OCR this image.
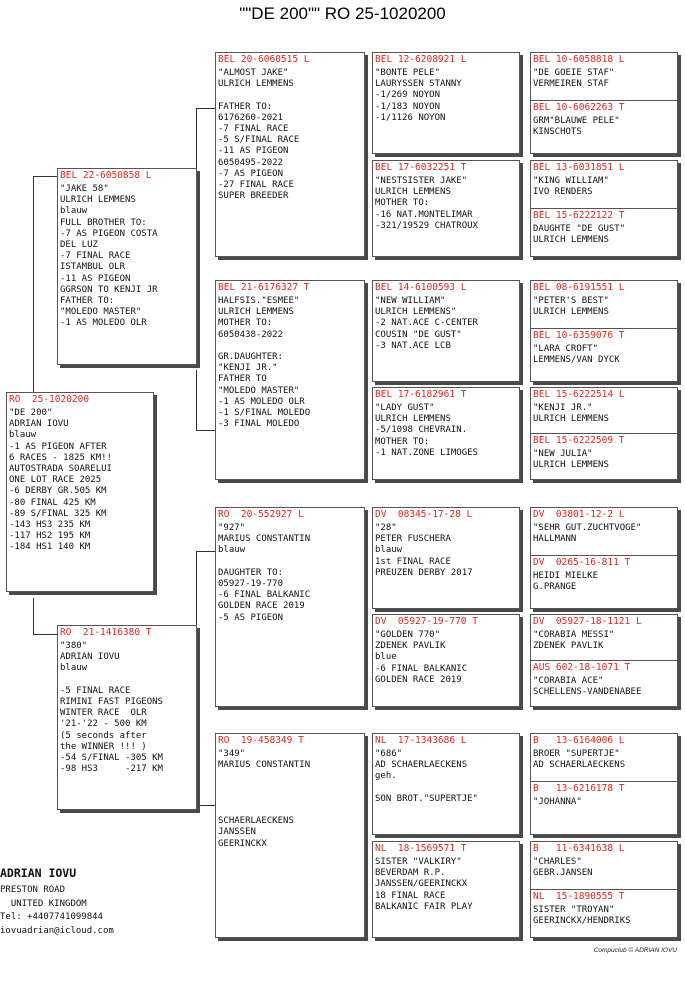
""DE 200"" RO 25-1020200
RO  25-1020200
"DE 200"
ADRIAN IOVU
blauw
-1 AS PIGEON AFTER
6 RACES - 1825 KM!!
AUTOSTRADA SOARELUI
ONE LOT RACE 2025
-6 DERBY GR.505 KM
-80 FINAL 425 KM
-89 S/FINAL 325 KM
-143 HS3 235 KM
-117 HS2 195 KM
-184 HS1 140 KM
BEL 22-6050858 L
"JAKE 58"
ULRICH LEMMENS
blauw
FULL BROTHER TO:
-7 AS PIGEON COSTA
DEL LUZ
-7 FINAL RACE
ISTAMBUL OLR
-11 AS PIGEON
GGRSON TO KENJI JR
FATHER TO:
"MOLEDO MASTER"
-1 AS MOLEDO OLR
RO  21-1416380 T
"380"
ADRIAN IOVU
blauw

-5 FINAL RACE
RIMINI FAST PIGEONS
WINTER RACE  OLR
'21-'22 - 500 KM
(5 seconds after
the WINNER !!! )
-54 S/FINAL -305 KM
-98 HS3     -217 KM
BEL 20-6060515 L
"ALMOST JAKE"
ULRICH LEMMENS

FATHER TO:
6176260-2021
-7 FINAL RACE
-5 S/FINAL RACE
-11 AS PIGEON
6050495-2022
-7 AS PIGEON
-27 FINAL RACE
SUPER BREEDER
BEL 21-6176327 T
HALFSIS."ESMEE"
ULRICH LEMMENS
MOTHER TO:
6050438-2022

GR.DAUGHTER:
"KENJI JR."
FATHER TO
"MOLEDO MASTER"
-1 AS MOLEDO OLR
-1 S/FINAL MOLEDO
-3 FINAL MOLEDO
RO  20-552927 L
"927"
MARIUS CONSTANTIN
blauw

DAUGHTER TO:
05927-19-770
-6 FINAL BALKANIC
GOLDEN RACE 2019
-5 AS PIGEON
RO  19-458349 T
"349"
MARIUS CONSTANTIN

SCHAERLAECKENS
JANSSEN
GEERINCKX
BEL 12-6208921 L
"BONTE PELE"
LAURYSSEN STANNY
-1/269 NOYON
-1/183 NOYON
-1/1126 NOYON
BEL 17-6032251 T
"NESTSISTER JAKE"
ULRICH LEMMENS
MOTHER TO:
-16 NAT.MONTELIMAR
-321/19529 CHATROUX
BEL 14-6100593 L
"NEW WILLIAM"
ULRICH LEMMENS"
-2 NAT.ACE C-CENTER
COUSIN "DE GUST"
-3 NAT.ACE LCB
BEL 17-6182961 T
"LADY GUST"
ULRICH LEMMENS
-5/1098 CHEVRAIN.
MOTHER TO:
-1 NAT.ZONE LIMOGES
DV  08345-17-28 L
"28"
PETER FUSCHERA
blauw
1st FINAL RACE
PREUZEN DERBY 2017
DV  05927-19-770 T
"GOLDEN 770"
ZDENEK PAVLIK
blue
-6 FINAL BALKANIC
GOLDEN RACE 2019
NL  17-1343686 L
"686"
AD SCHAERLAECKENS
geh.

SON BROT."SUPERTJE"
NL  18-1569571 T
SISTER "VALKIRY"
BEVERDAM R.P.
JANSSEN/GEERINCKX
18 FINAL RACE
BALKANIC FAIR PLAY
BEL 10-6058818 L
"DE GOEIE STAF"
VERMEIREN STAF
BEL 10-6062263 T
GRM"BLAUWE PELE"
KINSCHOTS
BEL 13-6031851 L
"KING WILLIAM"
IVO RENDERS
BEL 15-6222122 T
DAUGHTE "DE GUST"
ULRICH LEMMENS
BEL 08-6191551 L
"PETER'S BEST"
ULRICH LEMMENS
BEL 10-6359076 T
"LARA CROFT"
LEMMENS/VAN DYCK
BEL 15-6222514 L
"KENJI JR."
ULRICH LEMMENS
BEL 15-6222509 T
"NEW JULIA"
ULRICH LEMMENS
DV  03801-12-2 L
"SEHR GUT.ZUCHTVOGE"
HALLMANN
DV  0265-16-811 T
HEIDI MIELKE
G.PRANGE
DV  05927-18-1121 L
"CORABIA MESSI"
ZDENEK PAVLIK
AUS 602-18-1071 T
"CORABIA ACE"
SCHELLENS-VANDENABEE
B   13-6164006 L
BROER "SUPERTJE"
AD SCHAERLAECKENS
B   13-6216178 T
"JOHANNA"
B   11-6341638 L
"CHARLES"
GEBR.JANSEN
NL  15-1890555 T
SISTER "TROYAN"
GEERINCKX/HENDRIKS
ADRIAN IOVU
PRESTON ROAD
UNITED KINGDOM
Tel: +4407741099844
iovuadrian@icloud.com
Compuclub © ADRIAN IOVU
